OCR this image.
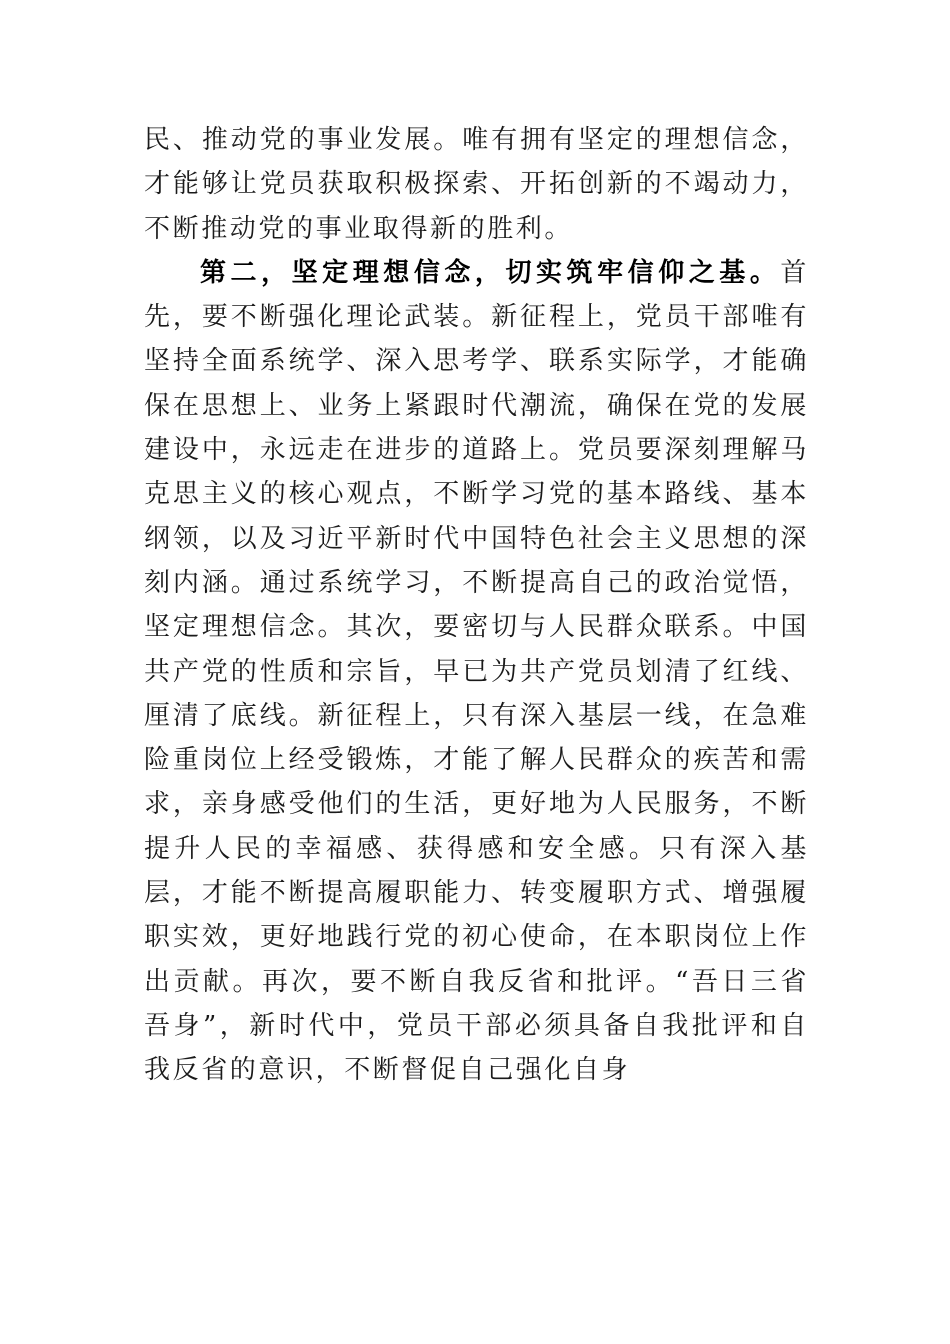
民、推动党的事业发展。唯有拥有坚定的理想信念，才能够让党员获取积极探索、开拓创新的不竭动力，不断推动党的事业取得新的胜利。

第二，坚定理想信念，切实筑牢信仰之基。首先，要不断强化理论武装。新征程上，党员干部唯有坚持全面系统学、深入思考学、联系实际学，才能确保在思想上、业务上紧跟时代潮流，确保在党的发展建设中，永远走在进步的道路上。党员要深刻理解马克思主义的核心观点，不断学习党的基本路线、基本纲领，以及习近平新时代中国特色社会主义思想的深刻内涵。通过系统学习，不断提高自己的政治觉悟，坚定理想信念。其次，要密切与人民群众联系。中国共产党的性质和宗旨，早已为共产党员划清了红线、厘清了底线。新征程上，只有深入基层一线，在急难险重岗位上经受锻炼，才能了解人民群众的疾苦和需求，亲身感受他们的生活，更好地为人民服务，不断提升人民的幸福感、获得感和安全感。只有深入基层，才能不断提高履职能力、转变履职方式、增强履职实效，更好地践行党的初心使命，在本职岗位上作出贡献。再次，要不断自我反省和批评。“吾日三省吾身”，新时代中，党员干部必须具备自我批评和自我反省的意识，不断督促自己强化自身
